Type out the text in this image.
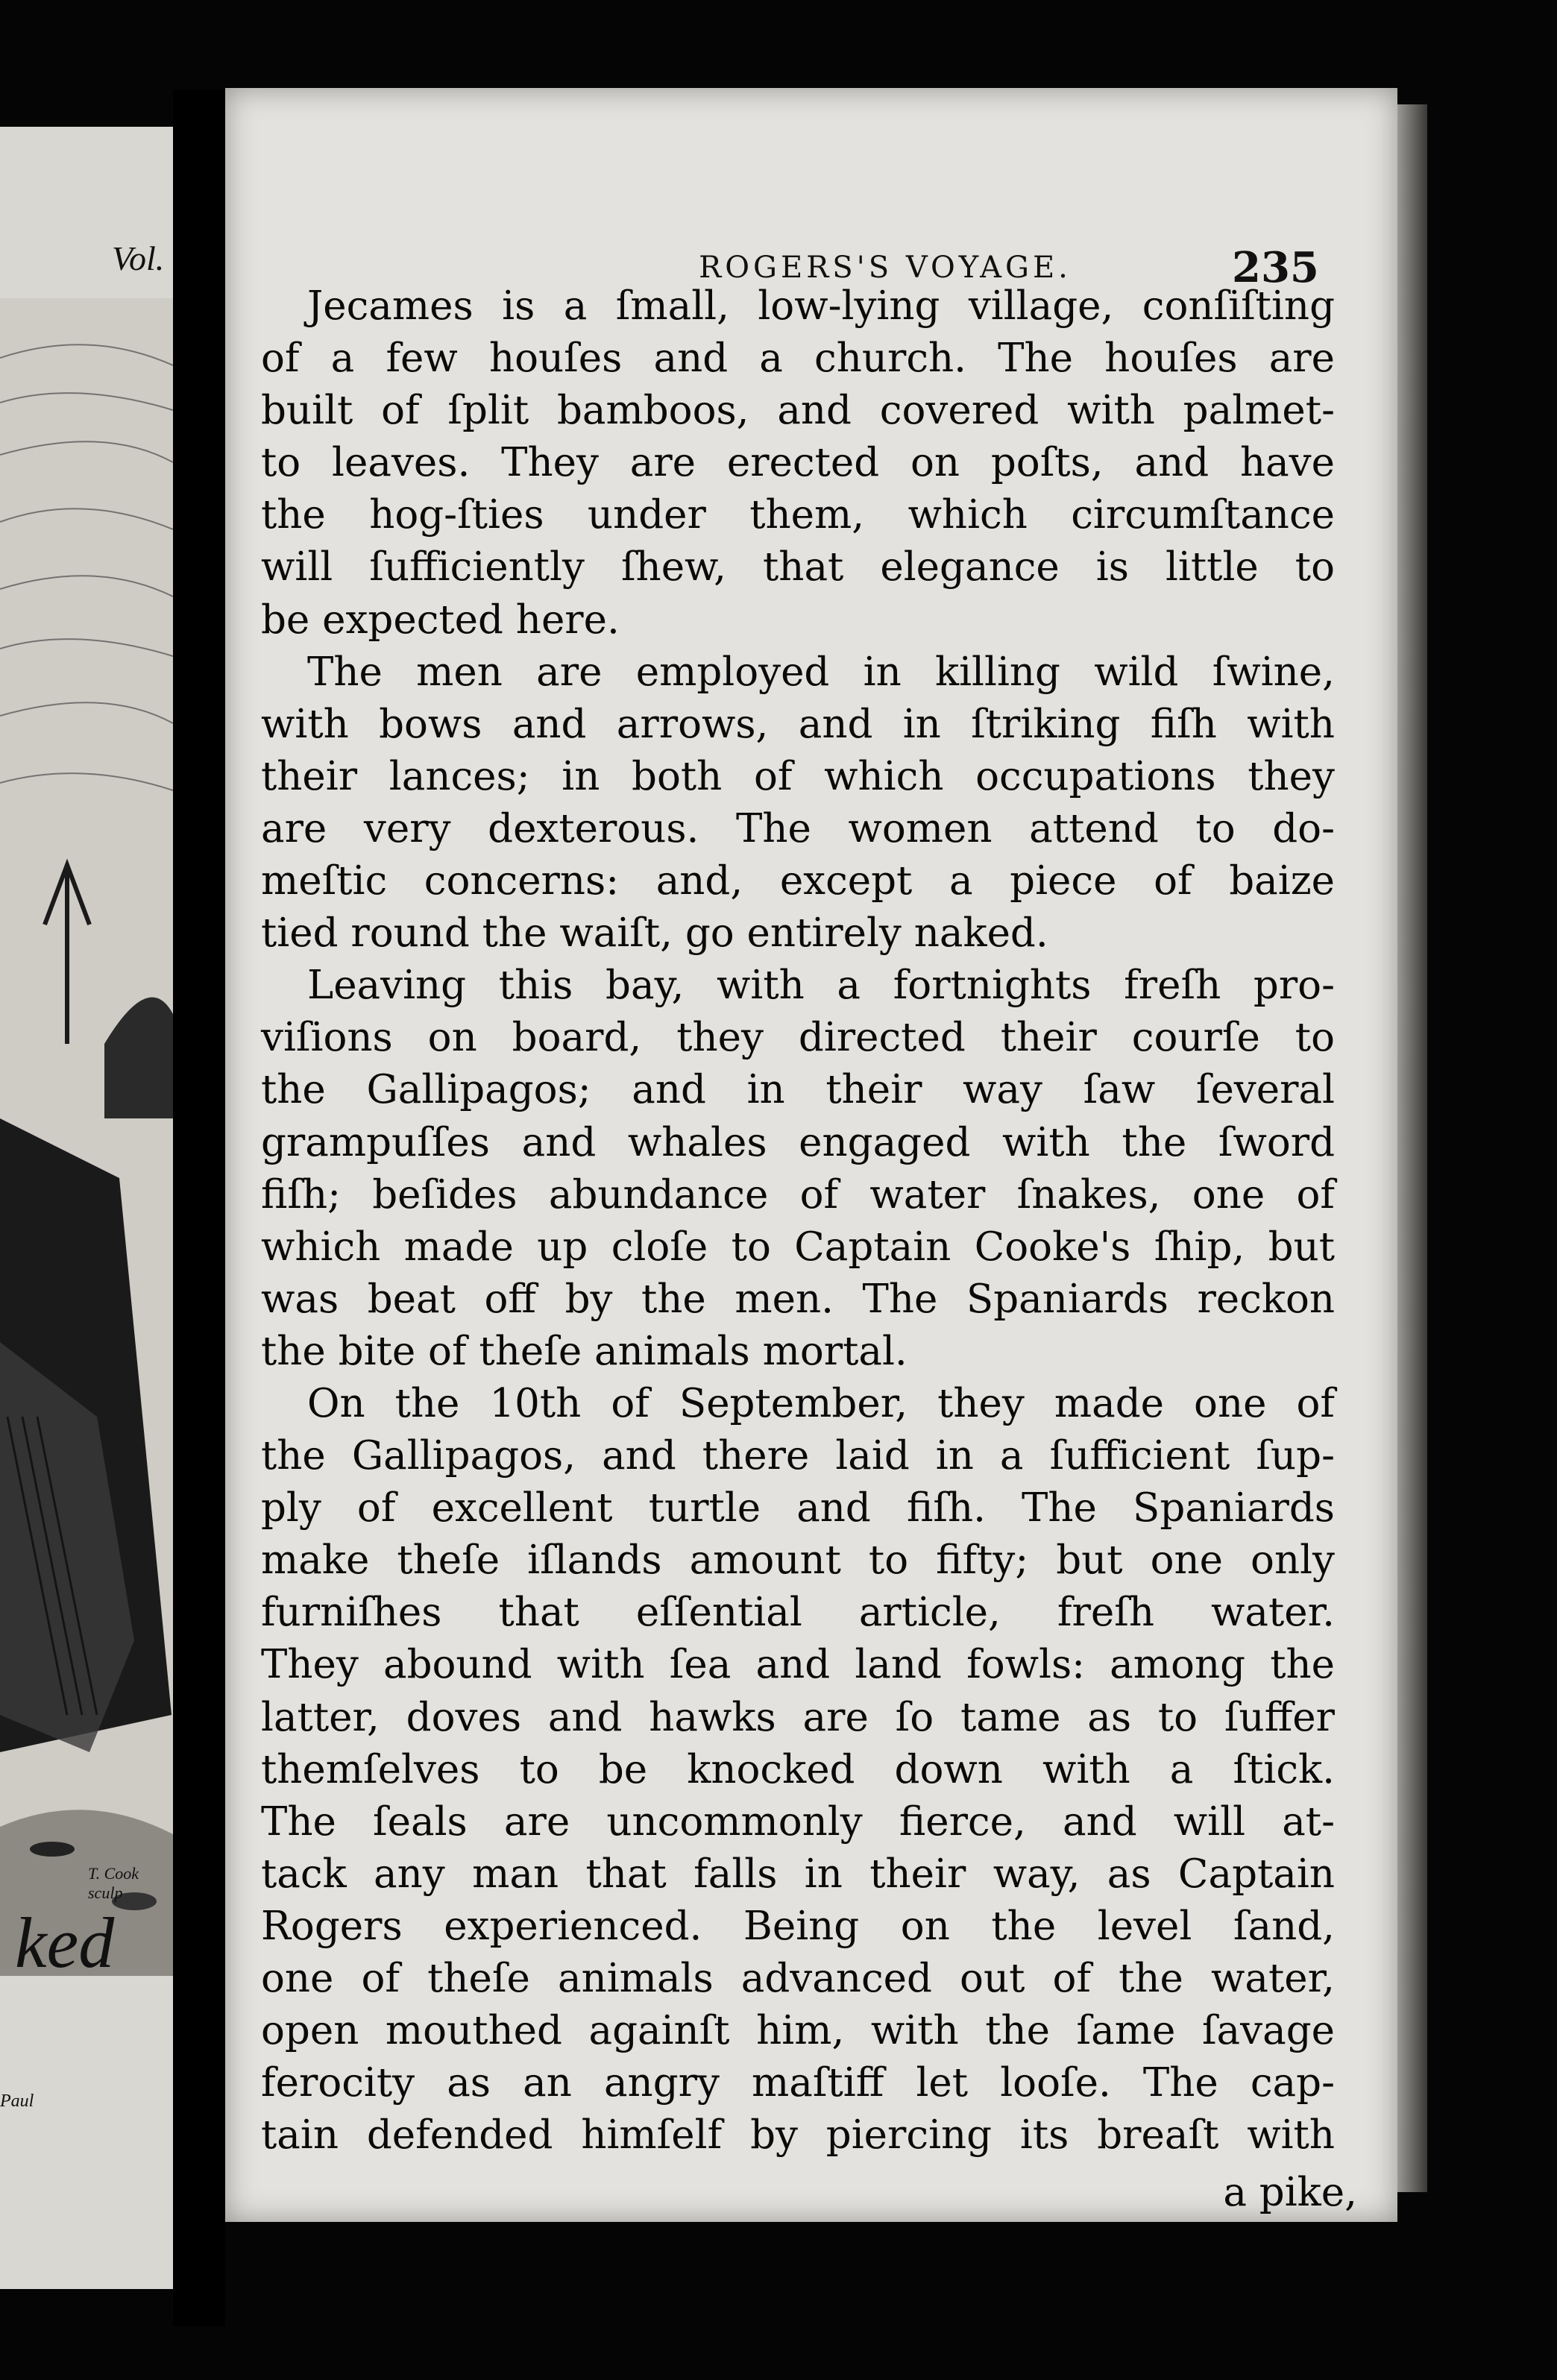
Vol.
T. Cook sculp
ked
Paul
ROGERS'S VOYAGE.	235
Jecames is a ſmall, low-lying village, conſiſting
of a few houſes and a church. The houſes are
built of ſplit bamboos, and covered with palmet-
to leaves. They are erected on poſts, and have
the hog-ſties under them, which circumſtance
will ſufficiently ſhew, that elegance is little to
be expected here.
The men are employed in killing wild ſwine,
with bows and arrows, and in ſtriking fiſh with
their lances; in both of which occupations they
are very dexterous. The women attend to do-
meſtic concerns: and, except a piece of baize
tied round the waiſt, go entirely naked.
Leaving this bay, with a fortnights freſh pro-
viſions on board, they directed their courſe to
the Gallipagos; and in their way ſaw ſeveral
grampuſſes and whales engaged with the ſword
fiſh; beſides abundance of water ſnakes, one of
which made up cloſe to Captain Cooke's ſhip, but
was beat off by the men. The Spaniards reckon
the bite of theſe animals mortal.
On the 10th of September, they made one of
the Gallipagos, and there laid in a ſufficient ſup-
ply of excellent turtle and fiſh. The Spaniards
make theſe iſlands amount to fifty; but one only
furniſhes that eſſential article, freſh water.
They abound with ſea and land fowls: among the
latter, doves and hawks are ſo tame as to ſuffer
themſelves to be knocked down with a ſtick.
The ſeals are uncommonly fierce, and will at-
tack any man that falls in their way, as Captain
Rogers experienced. Being on the level ſand,
one of theſe animals advanced out of the water,
open mouthed againſt him, with the ſame ſavage
ferocity as an angry maſtiff let looſe. The cap-
tain defended himſelf by piercing its breaſt with
a pike,
